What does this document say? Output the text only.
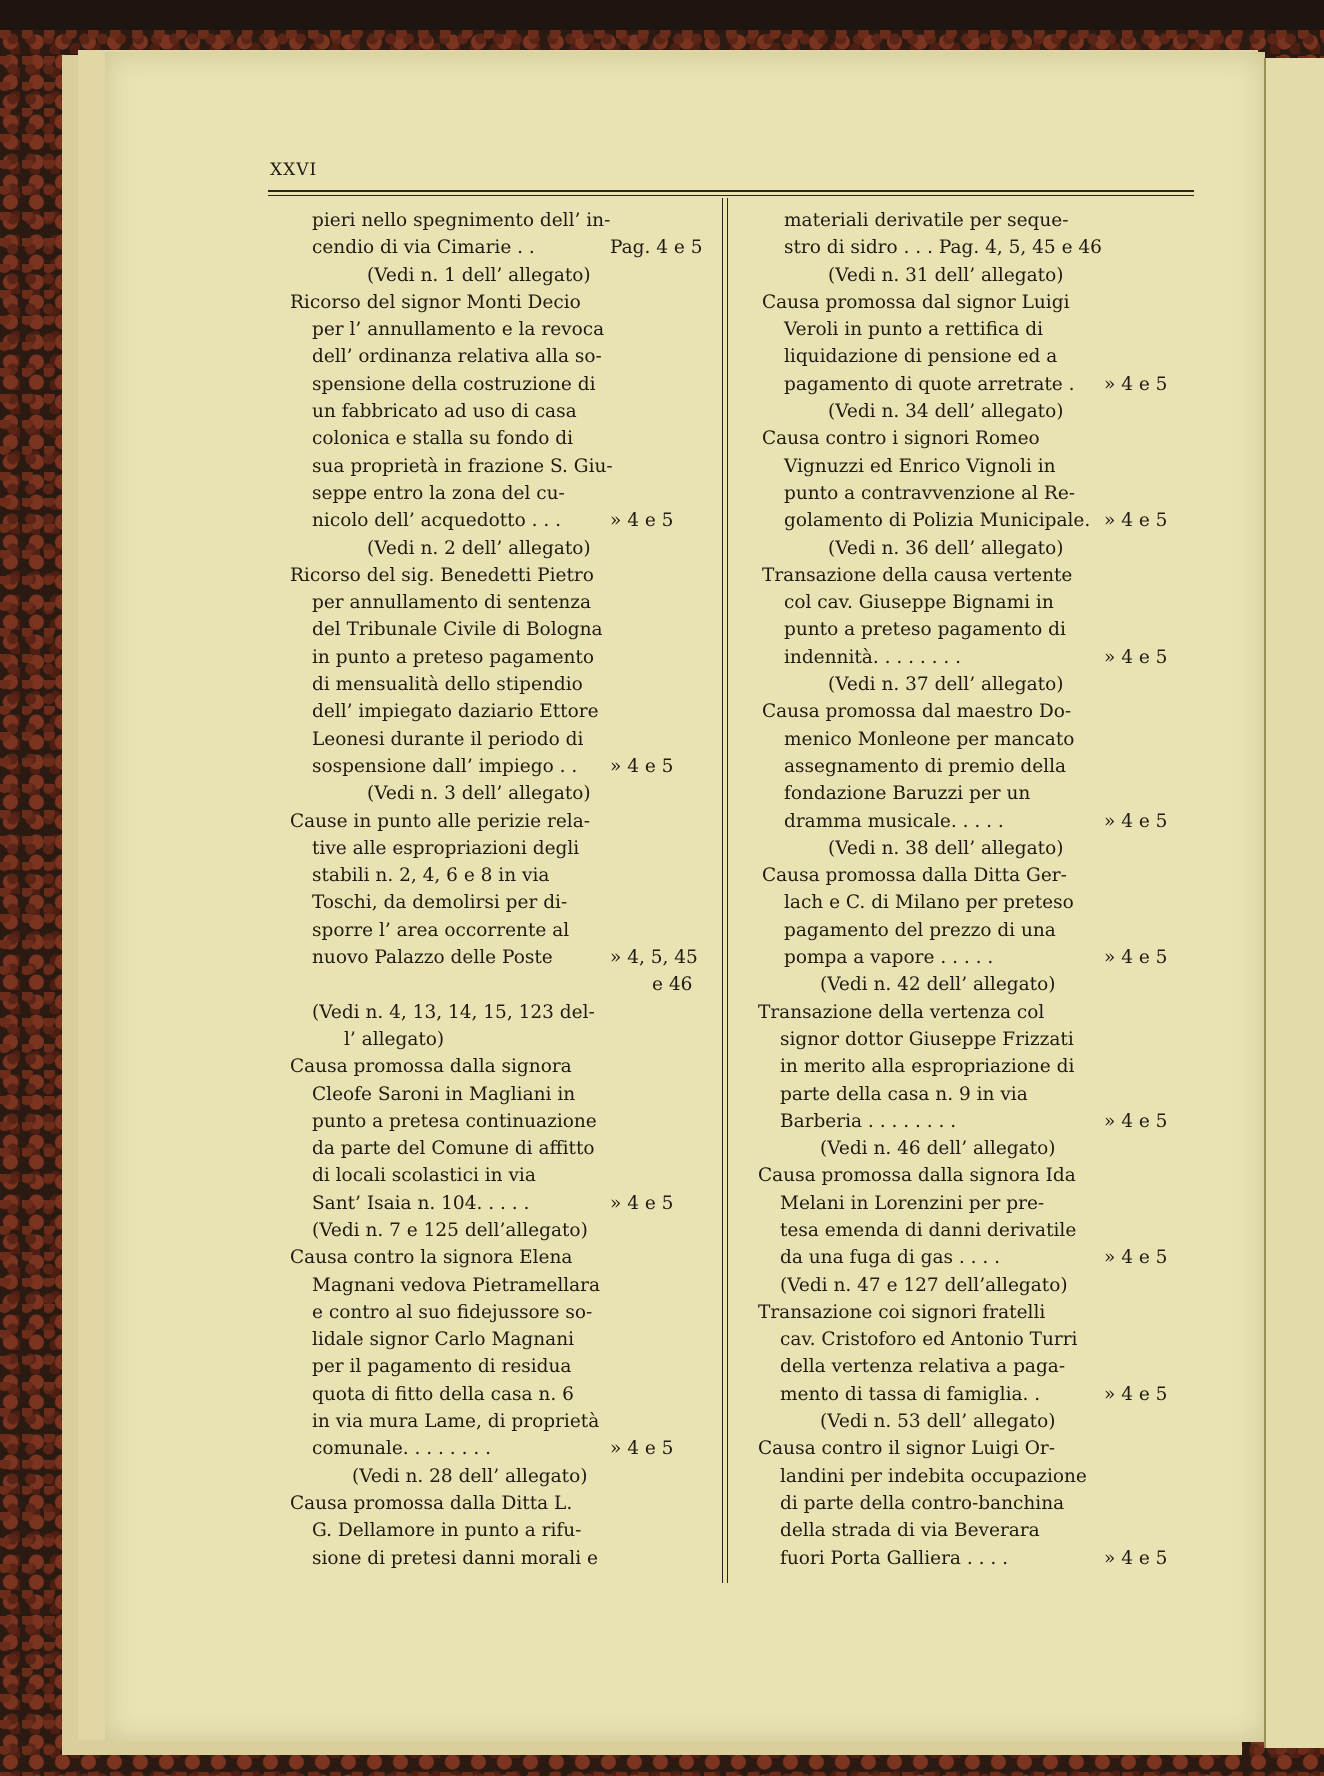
XXVI
pieri nello spegnimento dell’ in-
cendio di via Cimarie . .	Pag. 4 e 5
(Vedi n. 1 dell’ allegato)
Ricorso del signor Monti Decio
per l’ annullamento e la revoca
dell’ ordinanza relativa alla so-
spensione della costruzione di
un fabbricato ad uso di casa
colonica e stalla su fondo di
sua proprietà in frazione S. Giu-
seppe entro la zona del cu-
nicolo dell’ acquedotto . . .	» 4 e 5
(Vedi n. 2 dell’ allegato)
Ricorso del sig. Benedetti Pietro
per annullamento di sentenza
del Tribunale Civile di Bologna
in punto a preteso pagamento
di mensualità dello stipendio
dell’ impiegato daziario Ettore
Leonesi durante il periodo di
sospensione dall’ impiego . . » 4 e 5
(Vedi n. 3 dell’ allegato)
Cause in punto alle perizie rela-
tive alle espropriazioni degli
stabili n. 2, 4, 6 e 8 in via
Toschi, da demolirsi per di-
sporre l’ area occorrente al
nuovo Palazzo delle Poste	» 4, 5, 45
e 46
(Vedi n. 4, 13, 14, 15, 123 del-
l’ allegato)
Causa promossa dalla signora
Cleofe Saroni in Magliani in
punto a pretesa continuazione
da parte del Comune di affitto
di locali scolastici in via
Sant’ Isaia n. 104. . . . .	» 4 e 5
(Vedi n. 7 e 125 dell’allegato)
Causa contro la signora Elena
Magnani vedova Pietramellara
e contro al suo fidejussore so-
lidale signor Carlo Magnani
per il pagamento di residua
quota di fitto della casa n. 6
in via mura Lame, di proprietà
comunale. . . . . . . .	» 4 e 5
(Vedi n. 28 dell’ allegato)
Causa promossa dalla Ditta L.
G. Dellamore in punto a rifu-
sione di pretesi danni morali e
materiali derivatile per seque-
stro di sidro . . . Pag. 4, 5, 45 e 46
(Vedi n. 31 dell’ allegato)
Causa promossa dal signor Luigi
Veroli in punto a rettifica di
liquidazione di pensione ed a
pagamento di quote arretrate . » 4 e 5
(Vedi n. 34 dell’ allegato)
Causa contro i signori Romeo
Vignuzzi ed Enrico Vignoli in
punto a contravvenzione al Re-
golamento di Polizia Municipale. » 4 e 5
(Vedi n. 36 dell’ allegato)
Transazione della causa vertente
col cav. Giuseppe Bignami in
punto a preteso pagamento di
indennità. . . . . . . .	» 4 e 5
(Vedi n. 37 dell’ allegato)
Causa promossa dal maestro Do-
menico Monleone per mancato
assegnamento di premio della
fondazione Baruzzi per un
dramma musicale. . . . .	» 4 e 5
(Vedi n. 38 dell’ allegato)
Causa promossa dalla Ditta Ger-
lach e C. di Milano per preteso
pagamento del prezzo di una
pompa a vapore . . . . .	» 4 e 5
(Vedi n. 42 dell’ allegato)
Transazione della vertenza col
signor dottor Giuseppe Frizzati
in merito alla espropriazione di
parte della casa n. 9 in via
Barberia . . . . . . . .	» 4 e 5
(Vedi n. 46 dell’ allegato)
Causa promossa dalla signora Ida
Melani in Lorenzini per pre-
tesa emenda di danni derivatile
da una fuga di gas . . . .	» 4 e 5
(Vedi n. 47 e 127 dell’allegato)
Transazione coi signori fratelli
cav. Cristoforo ed Antonio Turri
della vertenza relativa a paga-
mento di tassa di famiglia. .	» 4 e 5
(Vedi n. 53 dell’ allegato)
Causa contro il signor Luigi Or-
landini per indebita occupazione
di parte della contro-banchina
della strada di via Beverara
fuori Porta Galliera . . . .	» 4 e 5
